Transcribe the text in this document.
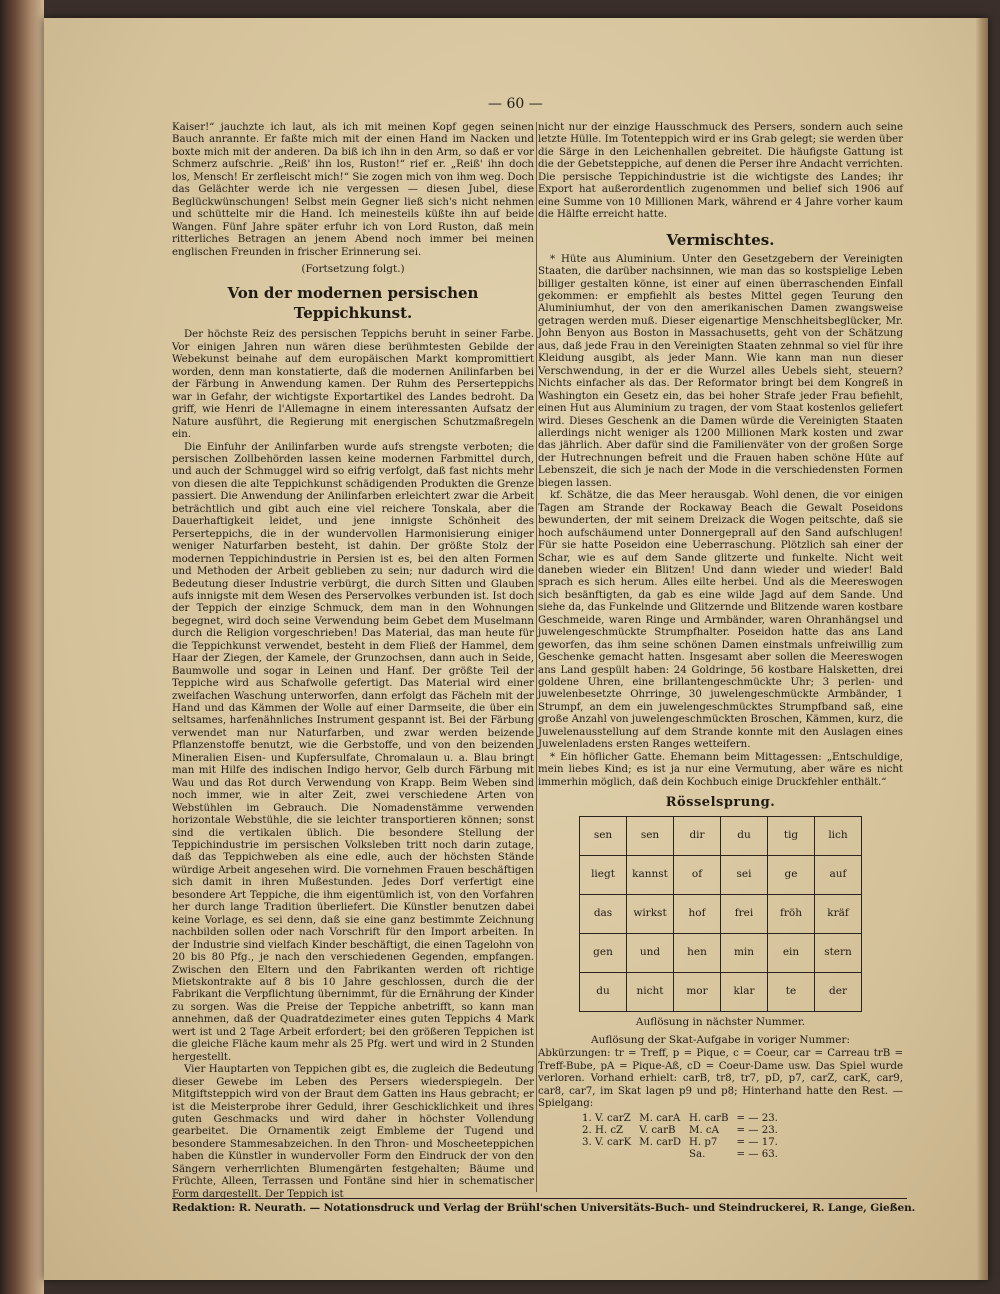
— 60 —

Kaiser!“ jauchzte ich laut, als ich mit meinen Kopf gegen seinen Bauch anrannte. Er faßte mich mit der einen Hand im Nacken und boxte mich mit der anderen. Da biß ich ihn in den Arm, so daß er vor Schmerz aufschrie. „Reiß' ihn los, Ruston!“ rief er. „Reiß' ihn doch los, Mensch! Er zerfleischt mich!“ Sie zogen mich von ihm weg. Doch das Gelächter werde ich nie vergessen — diesen Jubel, diese Beglückwünschungen! Selbst mein Gegner ließ sich's nicht nehmen und schüttelte mir die Hand. Ich meinesteils küßte ihn auf beide Wangen. Fünf Jahre später erfuhr ich von Lord Ruston, daß mein ritterliches Betragen an jenem Abend noch immer bei meinen englischen Freunden in frischer Erinnerung sei.

(Fortsetzung folgt.)
Von der modernen persischen Teppichkunst.

Der höchste Reiz des persischen Teppichs beruht in seiner Farbe. Vor einigen Jahren nun wären diese berühmtesten Gebilde der Webekunst beinahe auf dem europäischen Markt kompromittiert worden, denn man konstatierte, daß die modernen Anilinfarben bei der Färbung in Anwendung kamen. Der Ruhm des Perserteppichs war in Gefahr, der wichtigste Exportartikel des Landes bedroht. Da griff, wie Henri de l'Allemagne in einem interessanten Aufsatz der Nature ausführt, die Regierung mit energischen Schutzmaßregeln ein.

Die Einfuhr der Anilinfarben wurde aufs strengste verboten; die persischen Zollbehörden lassen keine modernen Farbmittel durch, und auch der Schmuggel wird so eifrig verfolgt, daß fast nichts mehr von diesen die alte Teppichkunst schädigenden Produkten die Grenze passiert. Die Anwendung der Anilinfarben erleichtert zwar die Arbeit beträchtlich und gibt auch eine viel reichere Tonskala, aber die Dauerhaftigkeit leidet, und jene innigste Schönheit des Perserteppichs, die in der wundervollen Harmonisierung einiger weniger Naturfarben besteht, ist dahin. Der größte Stolz der modernen Teppichindustrie in Persien ist es, bei den alten Formen und Methoden der Arbeit geblieben zu sein; nur dadurch wird die Bedeutung dieser Industrie verbürgt, die durch Sitten und Glauben aufs innigste mit dem Wesen des Perservolkes verbunden ist. Ist doch der Teppich der einzige Schmuck, dem man in den Wohnungen begegnet, wird doch seine Verwendung beim Gebet dem Muselmann durch die Religion vorgeschrieben! Das Material, das man heute für die Teppichkunst verwendet, besteht in dem Fließ der Hammel, dem Haar der Ziegen, der Kamele, der Grunzochsen, dann auch in Seide, Baumwolle und sogar in Leinen und Hanf. Der größte Teil der Teppiche wird aus Schafwolle gefertigt. Das Material wird einer zweifachen Waschung unterworfen, dann erfolgt das Fächeln mit der Hand und das Kämmen der Wolle auf einer Darmseite, die über ein seltsames, harfenähnliches Instrument gespannt ist. Bei der Färbung verwendet man nur Naturfarben, und zwar werden beizende Pflanzenstoffe benutzt, wie die Gerbstoffe, und von den beizenden Mineralien Eisen- und Kupfersulfate, Chromalaun u. a. Blau bringt man mit Hilfe des indischen Indigo hervor, Gelb durch Färbung mit Wau und das Rot durch Verwendung von Krapp. Beim Weben sind noch immer, wie in alter Zeit, zwei verschiedene Arten von Webstühlen im Gebrauch. Die Nomadenstämme verwenden horizontale Webstühle, die sie leichter transportieren können; sonst sind die vertikalen üblich. Die besondere Stellung der Teppichindustrie im persischen Volksleben tritt noch darin zutage, daß das Teppichweben als eine edle, auch der höchsten Stände würdige Arbeit angesehen wird. Die vornehmen Frauen beschäftigen sich damit in ihren Mußestunden. Jedes Dorf verfertigt eine besondere Art Teppiche, die ihm eigentümlich ist, von den Vorfahren her durch lange Tradition überliefert. Die Künstler benutzen dabei keine Vorlage, es sei denn, daß sie eine ganz bestimmte Zeichnung nachbilden sollen oder nach Vorschrift für den Import arbeiten. In der Industrie sind vielfach Kinder beschäftigt, die einen Tagelohn von 20 bis 80 Pfg., je nach den verschiedenen Gegenden, empfangen. Zwischen den Eltern und den Fabrikanten werden oft richtige Mietskontrakte auf 8 bis 10 Jahre geschlossen, durch die der Fabrikant die Verpflichtung übernimmt, für die Ernährung der Kinder zu sorgen. Was die Preise der Teppiche anbetrifft, so kann man annehmen, daß der Quadratdezimeter eines guten Teppichs 4 Mark wert ist und 2 Tage Arbeit erfordert; bei den größeren Teppichen ist die gleiche Fläche kaum mehr als 25 Pfg. wert und wird in 2 Stunden hergestellt.

Vier Hauptarten von Teppichen gibt es, die zugleich die Bedeutung dieser Gewebe im Leben des Persers wiederspiegeln. Der Mitgiftsteppich wird von der Braut dem Gatten ins Haus gebracht; er ist die Meisterprobe ihrer Geduld, ihrer Geschicklichkeit und ihres guten Geschmacks und wird daher in höchster Vollendung gearbeitet. Die Ornamentik zeigt Embleme der Tugend und besondere Stammesabzeichen. In den Thron- und Moscheeteppichen haben die Künstler in wundervoller Form den Eindruck der von den Sängern verherrlichten Blumengärten festgehalten; Bäume und Früchte, Alleen, Terrassen und Fontäne sind hier in schematischer Form dargestellt. Der Teppich ist

nicht nur der einzige Hausschmuck des Persers, sondern auch seine letzte Hülle. Im Totenteppich wird er ins Grab gelegt; sie werden über die Särge in den Leichenhallen gebreitet. Die häufigste Gattung ist die der Gebetsteppiche, auf denen die Perser ihre Andacht verrichten. Die persische Teppichindustrie ist die wichtigste des Landes; ihr Export hat außerordentlich zugenommen und belief sich 1906 auf eine Summe von 10 Millionen Mark, während er 4 Jahre vorher kaum die Hälfte erreicht hatte.

Vermischtes.

* Hüte aus Aluminium. Unter den Gesetzgebern der Vereinigten Staaten, die darüber nachsinnen, wie man das so kostspielige Leben billiger gestalten könne, ist einer auf einen überraschenden Einfall gekommen: er empfiehlt als bestes Mittel gegen Teurung den Aluminiumhut, der von den amerikanischen Damen zwangsweise getragen werden muß. Dieser eigenartige Menschheitsbeglücker, Mr. John Benyon aus Boston in Massachusetts, geht von der Schätzung aus, daß jede Frau in den Vereinigten Staaten zehnmal so viel für ihre Kleidung ausgibt, als jeder Mann. Wie kann man nun dieser Verschwendung, in der er die Wurzel alles Uebels sieht, steuern? Nichts einfacher als das. Der Reformator bringt bei dem Kongreß in Washington ein Gesetz ein, das bei hoher Strafe jeder Frau befiehlt, einen Hut aus Aluminium zu tragen, der vom Staat kostenlos geliefert wird. Dieses Geschenk an die Damen würde die Vereinigten Staaten allerdings nicht weniger als 1200 Millionen Mark kosten und zwar das jährlich. Aber dafür sind die Familienväter von der großen Sorge der Hutrechnungen befreit und die Frauen haben schöne Hüte auf Lebenszeit, die sich je nach der Mode in die verschiedensten Formen biegen lassen.

kf. Schätze, die das Meer herausgab. Wohl denen, die vor einigen Tagen am Strande der Rockaway Beach die Gewalt Poseidons bewunderten, der mit seinem Dreizack die Wogen peitschte, daß sie hoch aufschäumend unter Donnergeprall auf den Sand aufschlugen! Für sie hatte Poseidon eine Ueberraschung. Plötzlich sah einer der Schar, wie es auf dem Sande glitzerte und funkelte. Nicht weit daneben wieder ein Blitzen! Und dann wieder und wieder! Bald sprach es sich herum. Alles eilte herbei. Und als die Meereswogen sich besänftigten, da gab es eine wilde Jagd auf dem Sande. Und siehe da, das Funkelnde und Glitzernde und Blitzende waren kostbare Geschmeide, waren Ringe und Armbänder, waren Ohranhängsel und juwelengeschmückte Strumpfhalter. Poseidon hatte das ans Land geworfen, das ihm seine schönen Damen einstmals unfreiwillig zum Geschenke gemacht hatten. Insgesamt aber sollen die Meereswogen ans Land gespült haben: 24 Goldringe, 56 kostbare Halsketten, drei goldene Uhren, eine brillantengeschmückte Uhr; 3 perlen- und juwelenbesetzte Ohrringe, 30 juwelengeschmückte Armbänder, 1 Strumpf, an dem ein juwelengeschmücktes Strumpfband saß, eine große Anzahl von juwelengeschmückten Broschen, Kämmen, kurz, die Juwelenausstellung auf dem Strande konnte mit den Auslagen eines Juwelenladens ersten Ranges wetteifern.

* Ein höflicher Gatte. Ehemann beim Mittagessen: „Entschuldige, mein liebes Kind; es ist ja nur eine Vermutung, aber wäre es nicht immerhin möglich, daß dein Kochbuch einige Druckfehler enthält.“

Rösselsprung.
sen	sen	dir	du	tig	lich
liegt	kannst	of	sei	ge	auf
das	wirkst	hof	frei	fröh	kräf
gen	und	hen	min	ein	stern
du	nicht	mor	klar	te	der
Auflösung in nächster Nummer.
Auflösung der Skat-Aufgabe in voriger Nummer:

Abkürzungen: tr = Treff, p = Pique, c = Coeur, car = Carreau trB = Treff-Bube, pA = Pique-Aß, cD = Coeur-Dame usw. Das Spiel wurde verloren. Vorhand erhielt: carB, tr8, tr7, pD, p7, carZ, carK, car9, car8, car7, im Skat lagen p9 und p8; Hinterhand hatte den Rest. — Spielgang:

1. V. carZ	M. carA	H. carB	= — 23.
2. H. cZ	V. carB	M. cA	= — 23.
3. V. carK	M. carD	H. p7	= — 17.
		Sa.	= — 63.
Redaktion: R. Neurath. — Notationsdruck und Verlag der Brühl'schen Universitäts-Buch- und Steindruckerei, R. Lange, Gießen.
